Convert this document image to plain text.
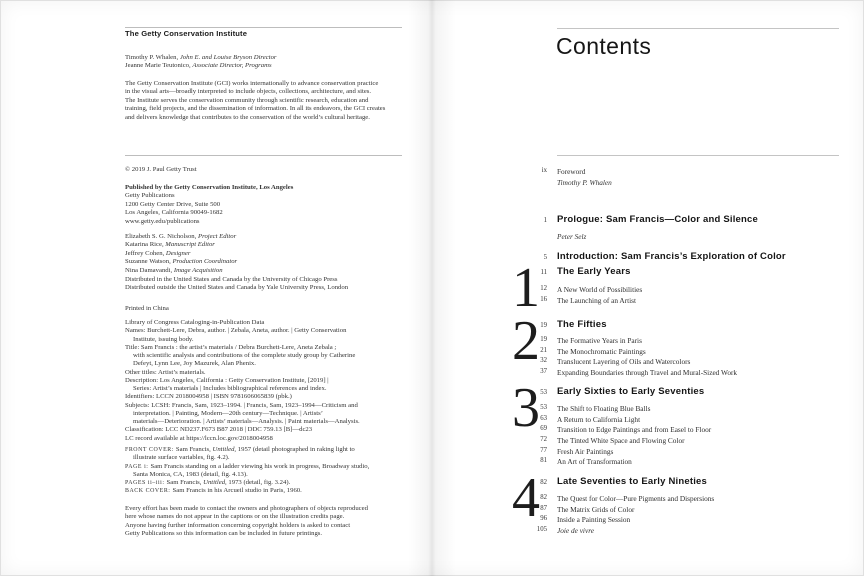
The Getty Conservation Institute
Timothy P. Whalen, John E. and Louise Bryson Director
Jeanne Marie Teutonico, Associate Director, Programs
The Getty Conservation Institute (GCI) works internationally to advance conservation practice
in the visual arts—broadly interpreted to include objects, collections, architecture, and sites.
The Institute serves the conservation community through scientific research, education and
training, field projects, and the dissemination of information. In all its endeavors, the GCI creates
and delivers knowledge that contributes to the conservation of the world’s cultural heritage.
© 2019 J. Paul Getty Trust
Published by the Getty Conservation Institute, Los Angeles
Getty Publications
1200 Getty Center Drive, Suite 500
Los Angeles, California 90049-1682
www.getty.edu/publications
Elizabeth S. G. Nicholson, Project Editor
Katarina Rice, Manuscript Editor
Jeffrey Cohen, Designer
Suzanne Watson, Production Coordinator
Nina Damavandi, Image Acquisition
Distributed in the United States and Canada by the University of Chicago Press
Distributed outside the United States and Canada by Yale University Press, London
Printed in China
Library of Congress Cataloging-in-Publication Data
Names: Burchett-Lere, Debra, author. | Zebala, Aneta, author. | Getty Conservation
Institute, issuing body.
Title: Sam Francis : the artist’s materials / Debra Burchett-Lere, Aneta Zebala ;
with scientific analysis and contributions of the complete study group by Catherine
Defeyt, Lynn Lee, Joy Mazurek, Alan Phenix.
Other titles: Artist’s materials.
Description: Los Angeles, California : Getty Conservation Institute, [2019] |
Series: Artist’s materials | Includes bibliographical references and index.
Identifiers: LCCN 2018004958 | ISBN 9781606065839 (pbk.)
Subjects: LCSH: Francis, Sam, 1923–1994. | Francis, Sam, 1923–1994—Criticism and
interpretation. | Painting, Modern—20th century—Technique. | Artists’
materials—Deterioration. | Artists’ materials—Analysis. | Paint materials—Analysis.
Classification: LCC ND237.F673 B87 2018 | DDC 759.13 [B]—dc23
LC record available at https://lccn.loc.gov/2018004958
FRONT COVER: Sam Francis, Untitled, 1957 (detail photographed in raking light to
illustrate surface variables, fig. 4.2).
PAGE i: Sam Francis standing on a ladder viewing his work in progress, Broadway studio,
Santa Monica, CA, 1983 (detail, fig. 4.13).
PAGES ii–iii: Sam Francis, Untitled, 1973 (detail, fig. 3.24).
BACK COVER: Sam Francis in his Arcueil studio in Paris, 1960.
Every effort has been made to contact the owners and photographers of objects reproduced
here whose names do not appear in the captions or on the illustration credits page.
Anyone having further information concerning copyright holders is asked to contact
Getty Publications so this information can be included in future printings.
Contents
ix	Foreword
Timothy P. Whalen
1	Prologue: Sam Francis—Color and Silence
Peter Selz
5	Introduction: Sam Francis’s Exploration of Color
1 11	The Early Years
12	A New World of Possibilities
16	The Launching of an Artist
2 19	The Fifties
19	The Formative Years in Paris
21	The Monochromatic Paintings
32	Translucent Layering of Oils and Watercolors
37	Expanding Boundaries through Travel and Mural-Sized Work
3 53	Early Sixties to Early Seventies
53	The Shift to Floating Blue Balls
63	A Return to California Light
69	Transition to Edge Paintings and from Easel to Floor
72	The Tinted White Space and Flowing Color
77	Fresh Air Paintings
81	An Art of Transformation
4 82	Late Seventies to Early Nineties
82	The Quest for Color—Pure Pigments and Dispersions
87	The Matrix Grids of Color
96	Inside a Painting Session
105	Joie de vivre
